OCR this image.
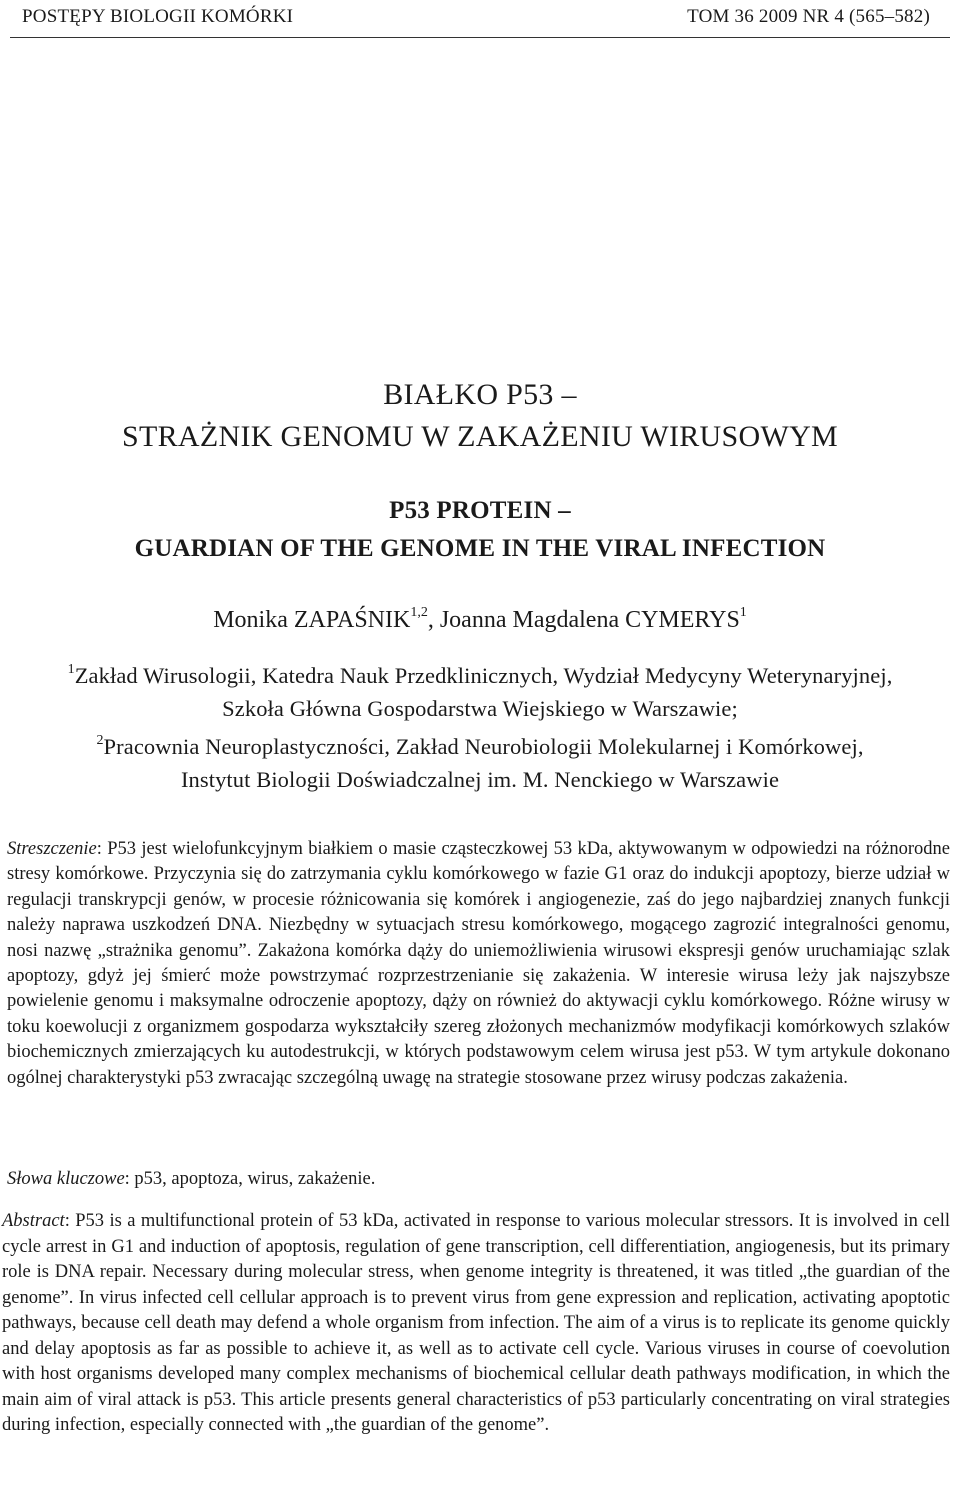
POSTĘPY BIOLOGII KOMÓRKI	TOM 36 2009 NR 4 (565–582)
BIAŁKO P53 –
STRAŻNIK GENOMU W ZAKAŻENIU WIRUSOWYM
P53 PROTEIN –
GUARDIAN OF THE GENOME IN THE VIRAL INFECTION
Monika ZAPAŚNIK$^{1,2}$, Joanna Magdalena CYMERYS$^1$
$^1$Zakład Wirusologii, Katedra Nauk Przedklinicznych, Wydział Medycyny Weterynaryjnej,
Szkoła Główna Gospodarstwa Wiejskiego w Warszawie;
$^2$Pracownia Neuroplastyczności, Zakład Neurobiologii Molekularnej i Komórkowej,
Instytut Biologii Doświadczalnej im. M. Nenckiego w Warszawie

Streszczenie: P53 jest wielofunkcyjnym białkiem o masie cząsteczkowej 53 kDa, aktywowanym w odpowiedzi na różnorodne stresy komórkowe. Przyczynia się do zatrzymania cyklu komórkowego w fazie G1 oraz do indukcji apoptozy, bierze udział w regulacji transkrypcji genów, w procesie różnicowania się komórek i angiogenezie, zaś do jego najbardziej znanych funkcji należy naprawa uszkodzeń DNA. Niezbędny w sytuacjach stresu komórkowego, mogącego zagrozić integralności genomu, nosi nazwę „strażnika genomu”. Zakażona komórka dąży do uniemożliwienia wirusowi ekspresji genów uruchamiając szlak apoptozy, gdyż jej śmierć może powstrzymać rozprzestrzenianie się zakażenia. W interesie wirusa leży jak najszybsze powielenie genomu i maksymalne odroczenie apoptozy, dąży on również do aktywacji cyklu komórkowego. Różne wirusy w toku koewolucji z organizmem gospodarza wykształciły szereg złożonych mechanizmów modyfikacji komórkowych szlaków biochemicznych zmierzających ku autodestrukcji, w których podstawowym celem wirusa jest p53. W tym artykule dokonano ogólnej charakterystyki p53 zwracając szczególną uwagę na strategie stosowane przez wirusy podczas zakażenia.

Słowa kluczowe: p53, apoptoza, wirus, zakażenie.

Abstract: P53 is a multifunctional protein of 53 kDa, activated in response to various molecular stressors. It is involved in cell cycle arrest in G1 and induction of apoptosis, regulation of gene transcription, cell differentiation, angiogenesis, but its primary role is DNA repair. Necessary during molecular stress, when genome integrity is threatened, it was titled „the guardian of the genome”. In virus infected cell cellular approach is to prevent virus from gene expression and replication, activating apoptotic pathways, because cell death may defend a whole organism from infection. The aim of a virus is to replicate its genome quickly and delay apoptosis as far as possible to achieve it, as well as to activate cell cycle. Various viruses in course of coevolution with host organisms developed many complex mechanisms of biochemical cellular death pathways modification, in which the main aim of viral attack is p53. This article presents general characteristics of p53 particularly concentrating on viral strategies during infection, especially connected with „the guardian of the genome”.
